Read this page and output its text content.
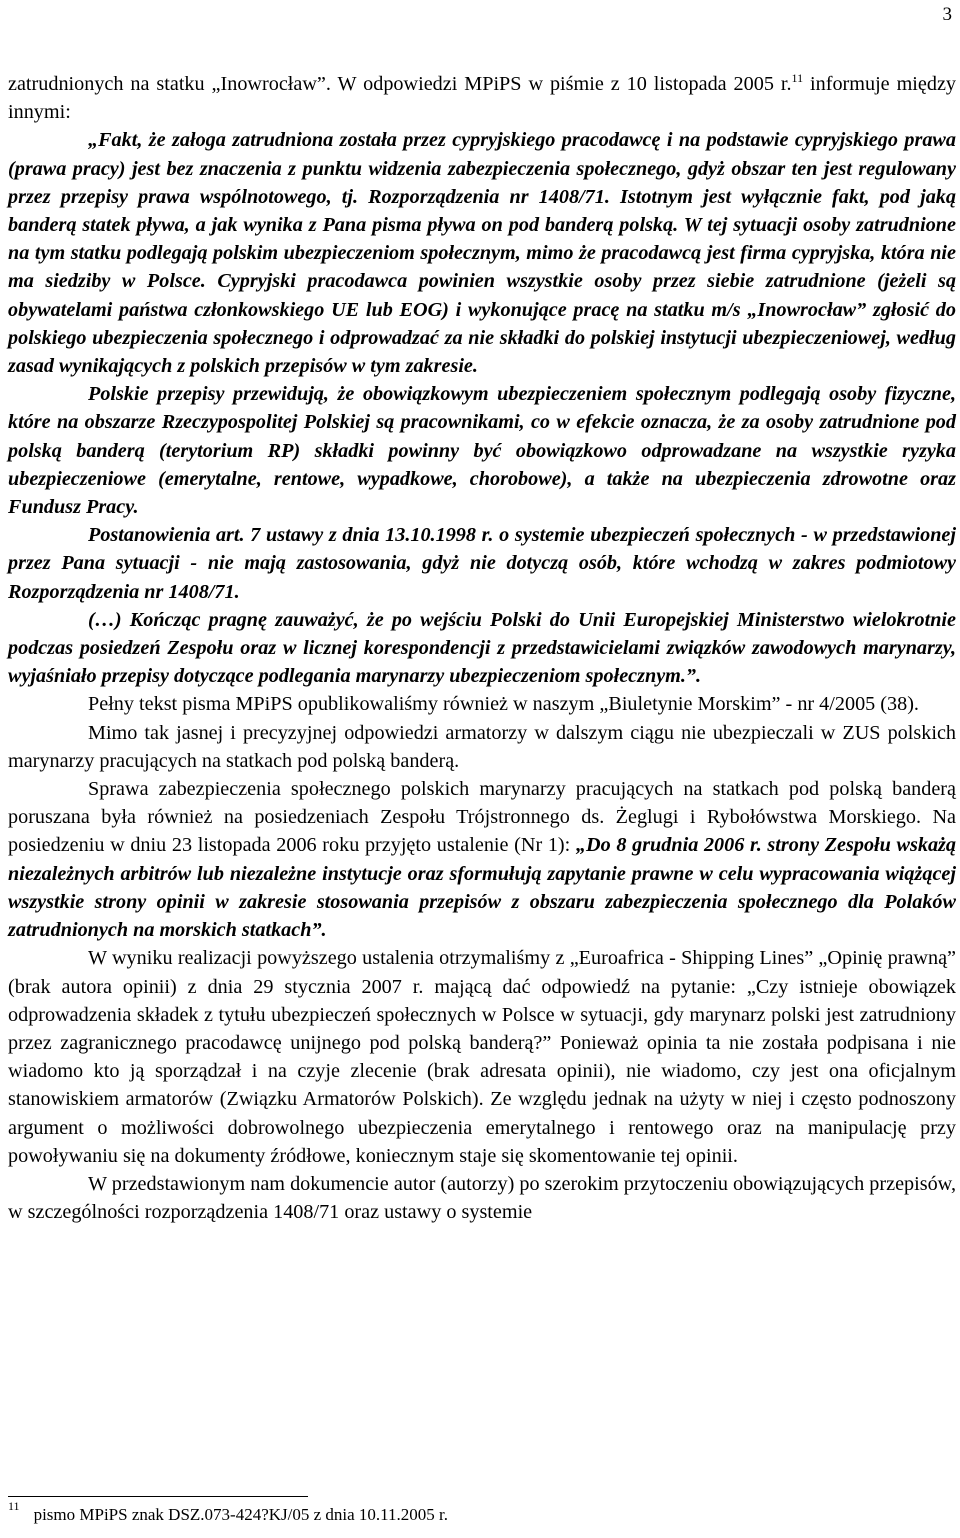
3

zatrudnionych na statku „Inowrocław”. W odpowiedzi MPiPS w piśmie z 10 listopada 2005 r.$^{11}$ informuje między innymi:

„Fakt, że załoga zatrudniona została przez cypryjskiego pracodawcę i na podstawie cypryjskiego prawa (prawa pracy) jest bez znaczenia z punktu widzenia zabezpieczenia społecznego, gdyż obszar ten jest regulowany przez przepisy prawa wspólnotowego, tj. Rozporządzenia nr 1408/71. Istotnym jest wyłącznie fakt, pod jaką banderą statek pływa, a jak wynika z Pana pisma pływa on pod banderą polską. W tej sytuacji osoby zatrudnione na tym statku podlegają polskim ubezpieczeniom społecznym, mimo że pracodawcą jest firma cypryjska, która nie ma siedziby w Polsce. Cypryjski pracodawca powinien wszystkie osoby przez siebie zatrudnione (jeżeli są obywatelami państwa członkowskiego UE lub EOG) i wykonujące pracę na statku m/s „Inowrocław” zgłosić do polskiego ubezpieczenia społecznego i odprowadzać za nie składki do polskiej instytucji ubezpieczeniowej, według zasad wynikających z polskich przepisów w tym zakresie.

Polskie przepisy przewidują, że obowiązkowym ubezpieczeniem społecznym podlegają osoby fizyczne, które na obszarze Rzeczypospolitej Polskiej są pracownikami, co w efekcie oznacza, że za osoby zatrudnione pod polską banderą (terytorium RP) składki powinny być obowiązkowo odprowadzane na wszystkie ryzyka ubezpieczeniowe (emerytalne, rentowe, wypadkowe, chorobowe), a także na ubezpieczenia zdrowotne oraz Fundusz Pracy.

Postanowienia art. 7 ustawy z dnia 13.10.1998 r. o systemie ubezpieczeń społecznych - w przedstawionej przez Pana sytuacji - nie mają zastosowania, gdyż nie dotyczą osób, które wchodzą w zakres podmiotowy Rozporządzenia nr 1408/71.

(…) Kończąc pragnę zauważyć, że po wejściu Polski do Unii Europejskiej Ministerstwo wielokrotnie podczas posiedzeń Zespołu oraz w licznej korespondencji z przedstawicielami związków zawodowych marynarzy, wyjaśniało przepisy dotyczące podlegania marynarzy ubezpieczeniom społecznym.”.

Pełny tekst pisma MPiPS opublikowaliśmy również w naszym „Biuletynie Morskim” - nr 4/2005 (38).

Mimo tak jasnej i precyzyjnej odpowiedzi armatorzy w dalszym ciągu nie ubezpieczali w ZUS polskich marynarzy pracujących na statkach pod polską banderą.

Sprawa zabezpieczenia społecznego polskich marynarzy pracujących na statkach pod polską banderą poruszana była również na posiedzeniach Zespołu Trójstronnego ds. Żeglugi i Rybołówstwa Morskiego. Na posiedzeniu w dniu 23 listopada 2006 roku przyjęto ustalenie (Nr 1): „Do 8 grudnia 2006 r. strony Zespołu wskażą niezależnych arbitrów lub niezależne instytucje oraz sformułują zapytanie prawne w celu wypracowania wiążącej wszystkie strony opinii w zakresie stosowania przepisów z obszaru zabezpieczenia społecznego dla Polaków zatrudnionych na morskich statkach”.

W wyniku realizacji powyższego ustalenia otrzymaliśmy z „Euroafrica - Shipping Lines” „Opinię prawną” (brak autora opinii) z dnia 29 stycznia 2007 r. mającą dać odpowiedź na pytanie: „Czy istnieje obowiązek odprowadzenia składek z tytułu ubezpieczeń społecznych w Polsce w sytuacji, gdy marynarz polski jest zatrudniony przez zagranicznego pracodawcę unijnego pod polską banderą?” Ponieważ opinia ta nie została podpisana i nie wiadomo kto ją sporządzał i na czyje zlecenie (brak adresata opinii), nie wiadomo, czy jest ona oficjalnym stanowiskiem armatorów (Związku Armatorów Polskich). Ze względu jednak na użyty w niej i często podnoszony argument o możliwości dobrowolnego ubezpieczenia emerytalnego i rentowego oraz na manipulację przy powoływaniu się na dokumenty źródłowe, koniecznym staje się skomentowanie tej opinii.

W przedstawionym nam dokumencie autor (autorzy) po szerokim przytoczeniu obowiązujących przepisów, w szczególności rozporządzenia 1408/71 oraz ustawy o systemie

$^{11}$ pismo MPiPS znak DSZ.073-424?KJ/05 z dnia 10.11.2005 r.
